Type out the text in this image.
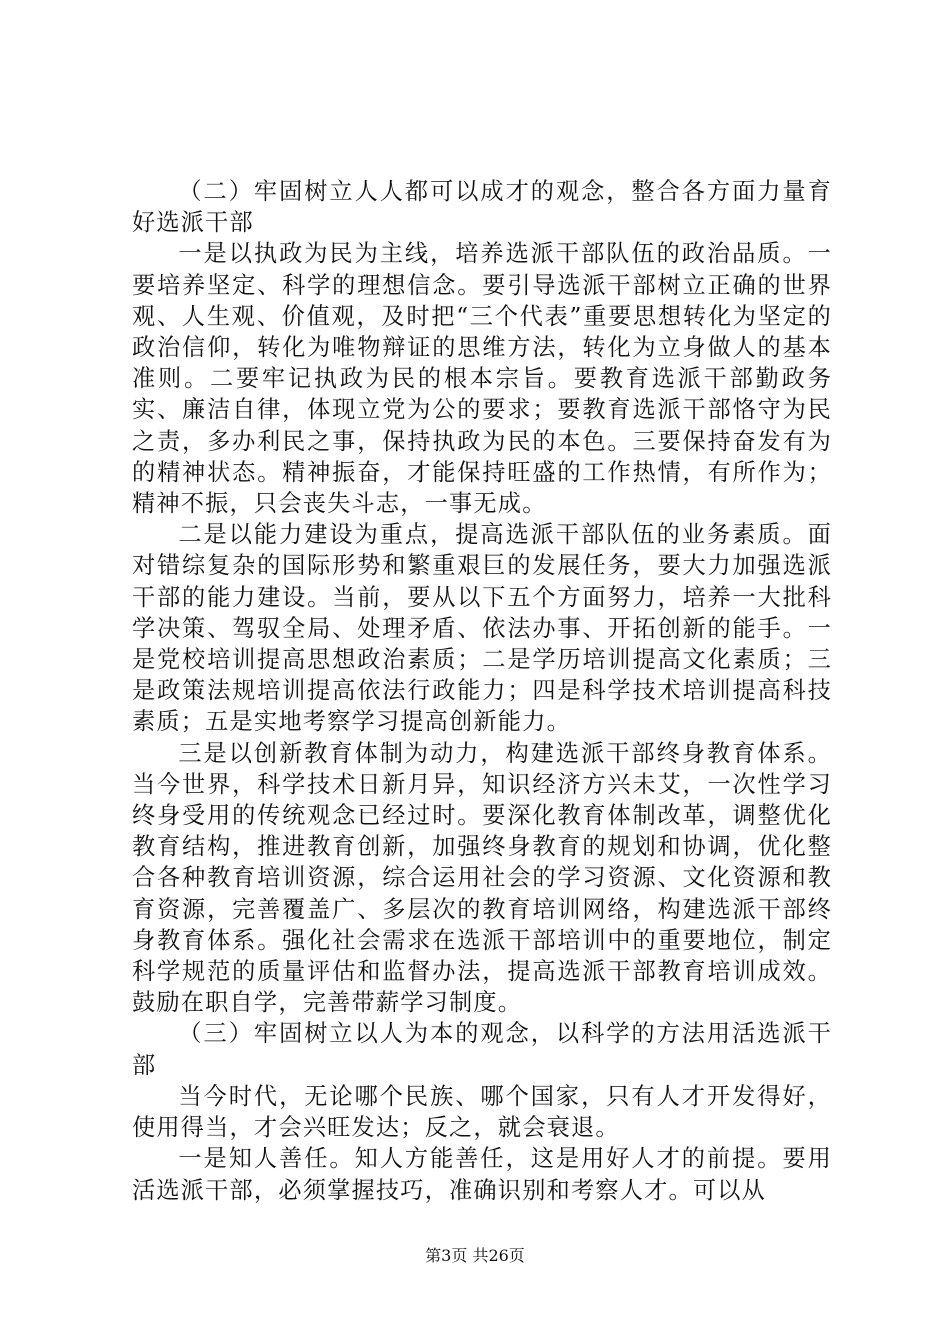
（二）牢固树立人人都可以成才的观念，整合各方面力量育好选派干部

一是以执政为民为主线，培养选派干部队伍的政治品质。一要培养坚定、科学的理想信念。要引导选派干部树立正确的世界观、人生观、价值观，及时把“三个代表”重要思想转化为坚定的政治信仰，转化为唯物辩证的思维方法，转化为立身做人的基本准则。二要牢记执政为民的根本宗旨。要教育选派干部勤政务实、廉洁自律，体现立党为公的要求；要教育选派干部恪守为民之责，多办利民之事，保持执政为民的本色。三要保持奋发有为的精神状态。精神振奋，才能保持旺盛的工作热情，有所作为；精神不振，只会丧失斗志，一事无成。

二是以能力建设为重点，提高选派干部队伍的业务素质。面对错综复杂的国际形势和繁重艰巨的发展任务，要大力加强选派干部的能力建设。当前，要从以下五个方面努力，培养一大批科学决策、驾驭全局、处理矛盾、依法办事、开拓创新的能手。一是党校培训提高思想政治素质；二是学历培训提高文化素质；三是政策法规培训提高依法行政能力；四是科学技术培训提高科技素质；五是实地考察学习提高创新能力。

三是以创新教育体制为动力，构建选派干部终身教育体系。当今世界，科学技术日新月异，知识经济方兴未艾，一次性学习终身受用的传统观念已经过时。要深化教育体制改革，调整优化教育结构，推进教育创新，加强终身教育的规划和协调，优化整合各种教育培训资源，综合运用社会的学习资源、文化资源和教育资源，完善覆盖广、多层次的教育培训网络，构建选派干部终身教育体系。强化社会需求在选派干部培训中的重要地位，制定科学规范的质量评估和监督办法，提高选派干部教育培训成效。鼓励在职自学，完善带薪学习制度。

（三）牢固树立以人为本的观念，以科学的方法用活选派干部

当今时代，无论哪个民族、哪个国家，只有人才开发得好，使用得当，才会兴旺发达；反之，就会衰退。

一是知人善任。知人方能善任，这是用好人才的前提。要用活选派干部，必须掌握技巧，准确识别和考察人才。可以从

第3页 共26页
